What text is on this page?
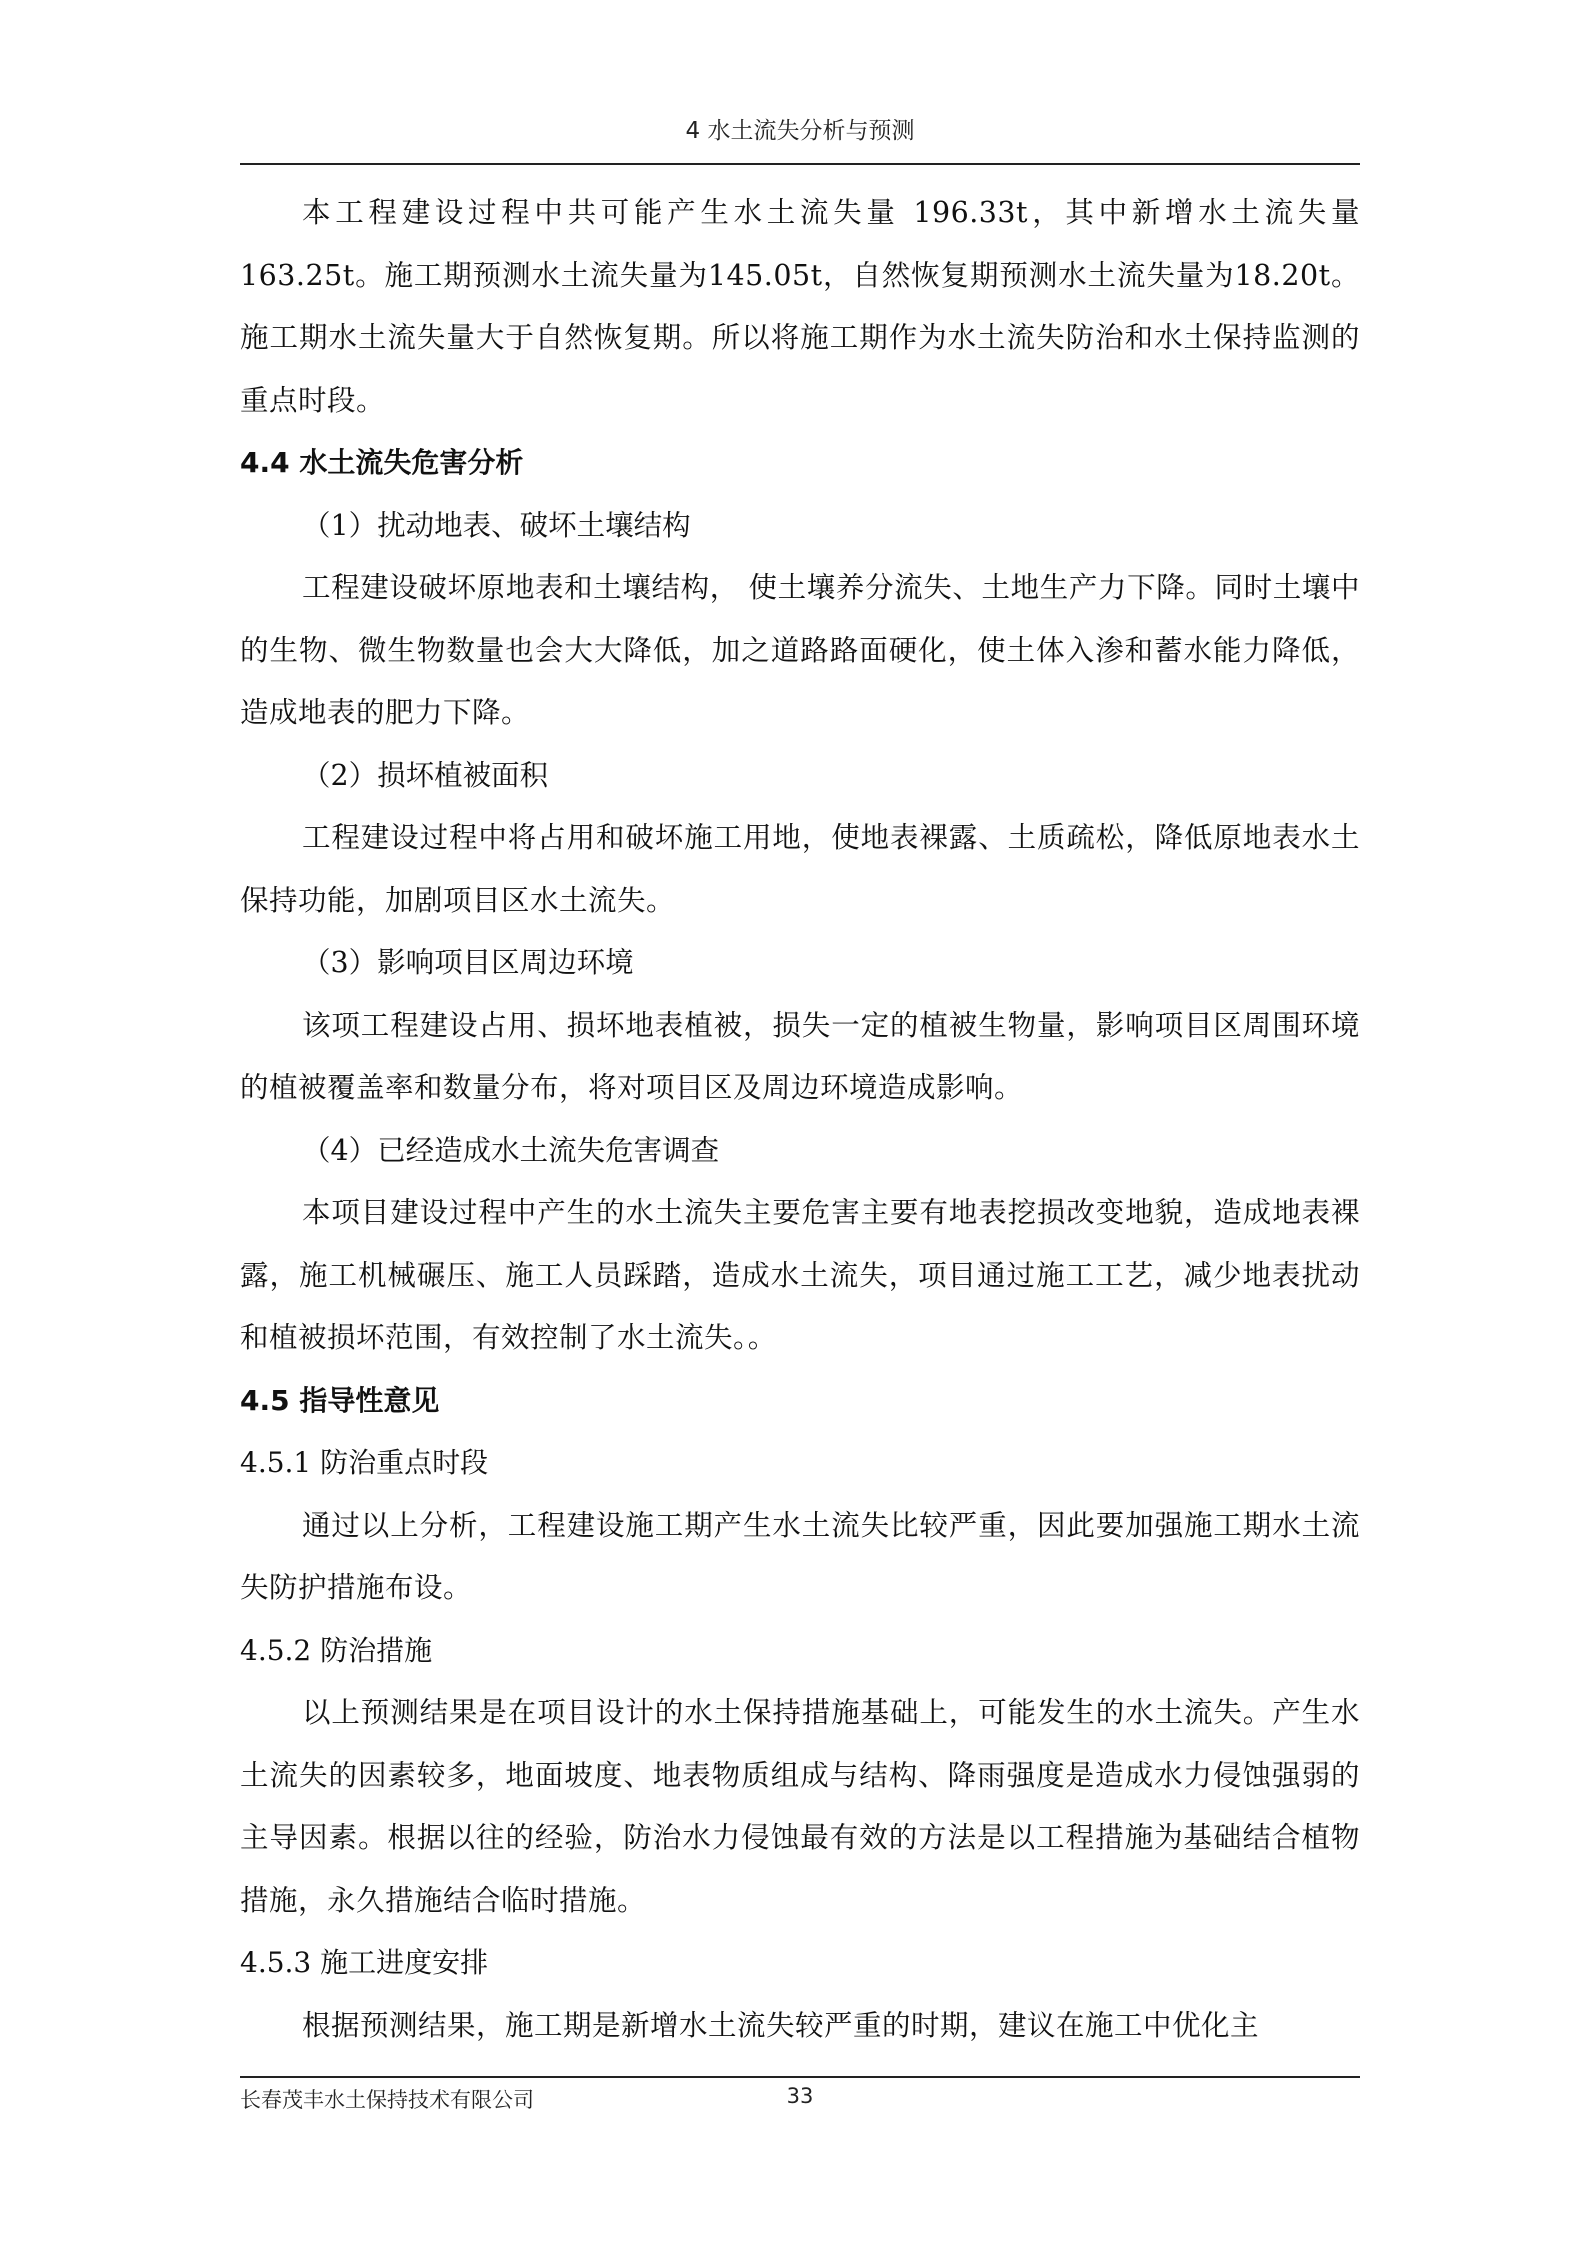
4 水土流失分析与预测

本工程建设过程中共可能产生水土流失量 196.33t，其中新增水土流失量163.25t。施工期预测水土流失量为145.05t，自然恢复期预测水土流失量为18.20t。施工期水土流失量大于自然恢复期。所以将施工期作为水土流失防治和水土保持监测的重点时段。

4.4 水土流失危害分析

（1）扰动地表、破坏土壤结构

工程建设破坏原地表和土壤结构， 使土壤养分流失、土地生产力下降。同时土壤中的生物、微生物数量也会大大降低，加之道路路面硬化，使土体入渗和蓄水能力降低，造成地表的肥力下降。

（2）损坏植被面积

工程建设过程中将占用和破坏施工用地，使地表裸露、土质疏松，降低原地表水土保持功能，加剧项目区水土流失。

（3）影响项目区周边环境

该项工程建设占用、损坏地表植被，损失一定的植被生物量，影响项目区周围环境的植被覆盖率和数量分布，将对项目区及周边环境造成影响。

（4）已经造成水土流失危害调查

本项目建设过程中产生的水土流失主要危害主要有地表挖损改变地貌，造成地表裸露，施工机械碾压、施工人员踩踏，造成水土流失，项目通过施工工艺，减少地表扰动和植被损坏范围，有效控制了水土流失。。

4.5 指导性意见

4.5.1 防治重点时段

通过以上分析，工程建设施工期产生水土流失比较严重，因此要加强施工期水土流失防护措施布设。

4.5.2 防治措施

以上预测结果是在项目设计的水土保持措施基础上，可能发生的水土流失。产生水土流失的因素较多，地面坡度、地表物质组成与结构、降雨强度是造成水力侵蚀强弱的主导因素。根据以往的经验，防治水力侵蚀最有效的方法是以工程措施为基础结合植物措施，永久措施结合临时措施。

4.5.3 施工进度安排

根据预测结果，施工期是新增水土流失较严重的时期，建议在施工中优化主

长春茂丰水土保持技术有限公司	33
